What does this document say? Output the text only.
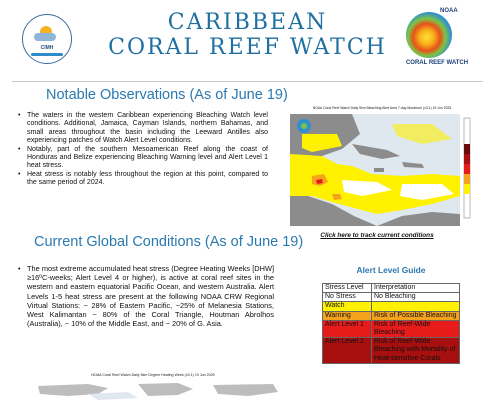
CIMH
CARIBBEAN
CORAL REEF WATCH
NOAA
CORAL REEF WATCH
Notable Observations (As of June 19)
• The waters in the western Caribbean experiencing Bleaching Watch level conditions. Additional, Jamaica, Cayman Islands, northern Bahamas, and small areas throughout the basin including the Leeward Antilles also experiencing patches of Watch Alert Level conditions.
• Notably, part of the southern Mesoamerican Reef along the coast of Honduras and Belize experiencing Bleaching Warning level and Alert Level 1 heat stress.
• Heat stress is notably less throughout the region at this point, compared to the same period of 2024.
NOAA Coral Reef Watch Daily 5km Bleaching Alert Area 7-day Maximum (v3.1) 19 Jun 2025
Click here to track current conditions
Current Global Conditions (As of June 19)
• The most extreme accumulated heat stress (Degree Heating Weeks [DHW] ≥16ºC-weeks; Alert Level 4 or higher), is active at coral reef sites in the western and eastern equatorial Pacific Ocean, and western Australia. Alert Levels 1-5 heat stress are present at the following NOAA CRW Regional Virtual Stations: ~ 28% of Eastern Pacific, ~25% of Melanesia Stations, West Kalimantan ~ 80% of the Coral Triangle, Houtman Abrolhos (Australia), ~ 10% of the Middle East, and ~ 20% of G. Asia.
NOAA Coral Reef Watch Daily 5km Degree Heating Week (v3.1) 19 Jun 2025
Alert Level Guide
Stress Level	Interpretation
No Stress	No Bleaching
Watch	
Warning	Risk of Possible Bleaching
Alert Level 1	Risk of Reef-Wide Bleaching
Alert Level 2	Risk of Reef-Wide Bleaching with Mortality of Heat-sensitive Corals
